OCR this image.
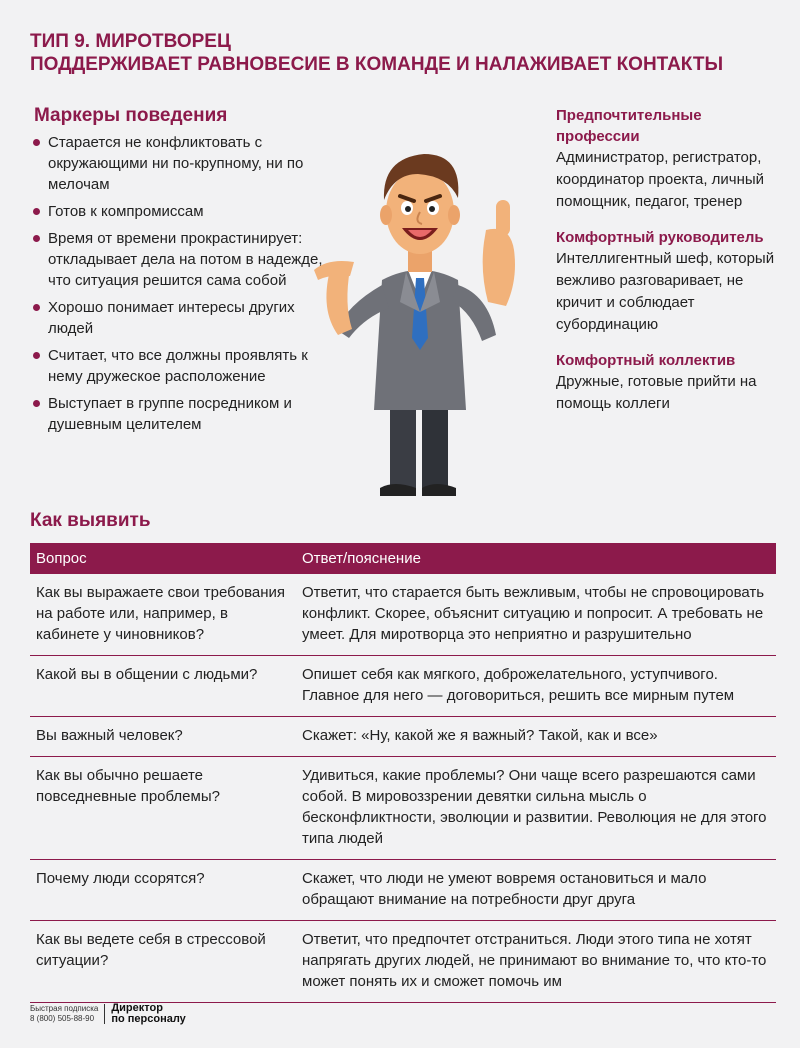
ТИП 9. МИРОТВОРЕЦ
ПОДДЕРЖИВАЕТ РАВНОВЕСИЕ В КОМАНДЕ И НАЛАЖИВАЕТ КОНТАКТЫ
Маркеры поведения
Старается не конфликтовать с окружающими ни по-крупному, ни по мелочам
Готов к компромиссам
Время от времени прокрастинирует: откладывает дела на потом в надежде, что ситуация решится сама собой
Хорошо понимает интересы других людей
Считает, что все должны проявлять к нему дружеское расположение
Выступает в группе посредником и душевным целителем
Предпочтительные профессии

Администратор, регистратор, координатор проекта, личный помощник, педагог, тренер

Комфортный руководитель

Интеллигентный шеф, который вежливо разговаривает, не кричит и соблюдает субординацию

Комфортный коллектив

Дружные, готовые прийти на помощь коллеги

Как выявить
Вопрос	Ответ/пояснение
Как вы выражаете свои требования на работе или, например, в кабинете у чиновников?	Ответит, что старается быть вежливым, чтобы не спровоцировать конфликт. Скорее, объяснит ситуацию и попросит. А требовать не умеет. Для миротворца это неприятно и разрушительно
Какой вы в общении с людьми?	Опишет себя как мягкого, доброжелательного, уступчивого. Главное для него — договориться, решить все мирным путем
Вы важный человек?	Скажет: «Ну, какой же я важный? Такой, как и все»
Как вы обычно решаете повседневные проблемы?	Удивиться, какие проблемы? Они чаще всего разрешаются сами собой. В мировоззрении девятки сильна мысль о бесконфликтности, эволюции и развитии. Революция не для этого типа людей
Почему люди ссорятся?	Скажет, что люди не умеют вовремя остановиться и мало обращают внимание на потребности друг друга
Как вы ведете себя в стрессовой ситуации?	Ответит, что предпочтет отстраниться. Люди этого типа не хотят напрягать других людей, не принимают во внимание то, что кто-то может понять их и сможет помочь им
Быстрая подписка
8 (800) 505-88-90
Директор
по персоналу
